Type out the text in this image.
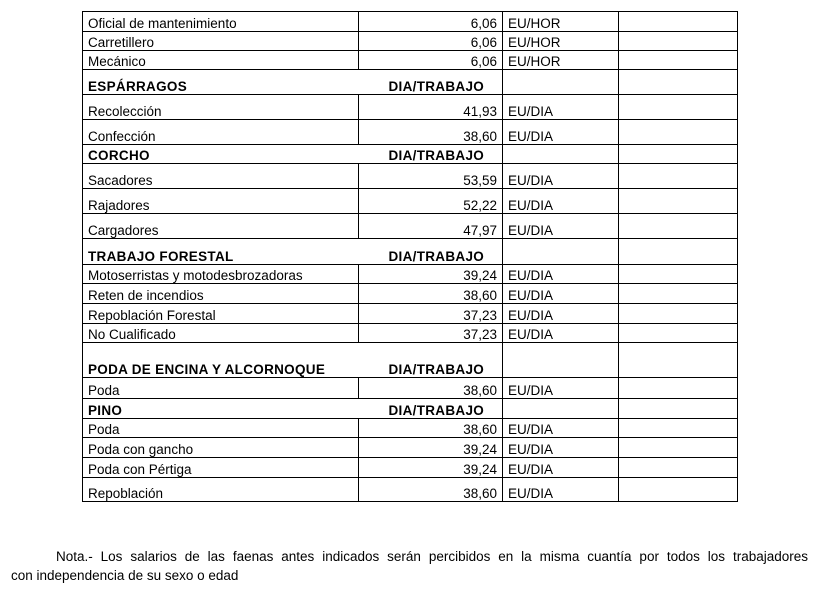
Oficial de mantenimiento	6,06	EU/HOR	
Carretillero	6,06	EU/HOR	
Mecánico	6,06	EU/HOR	
ESPÁRRAGOS	DIA/TRABAJO		
Recolección	41,93	EU/DIA	
Confección	38,60	EU/DIA	
CORCHO	DIA/TRABAJO		
Sacadores	53,59	EU/DIA	
Rajadores	52,22	EU/DIA	
Cargadores	47,97	EU/DIA	
TRABAJO FORESTAL	DIA/TRABAJO		
Motoserristas y motodesbrozadoras	39,24	EU/DIA	
Reten de incendios	38,60	EU/DIA	
Repoblación Forestal	37,23	EU/DIA	
No Cualificado	37,23	EU/DIA	
PODA DE ENCINA Y ALCORNOQUE	DIA/TRABAJO		
Poda	38,60	EU/DIA	
PINO	DIA/TRABAJO		
Poda	38,60	EU/DIA	
Poda con gancho	39,24	EU/DIA	
Poda con Pértiga	39,24	EU/DIA	
Repoblación	38,60	EU/DIA	
Nota.- Los salarios de las faenas antes indicados serán percibidos en la misma cuantía por todos los trabajadores
con independencia de su sexo o edad
